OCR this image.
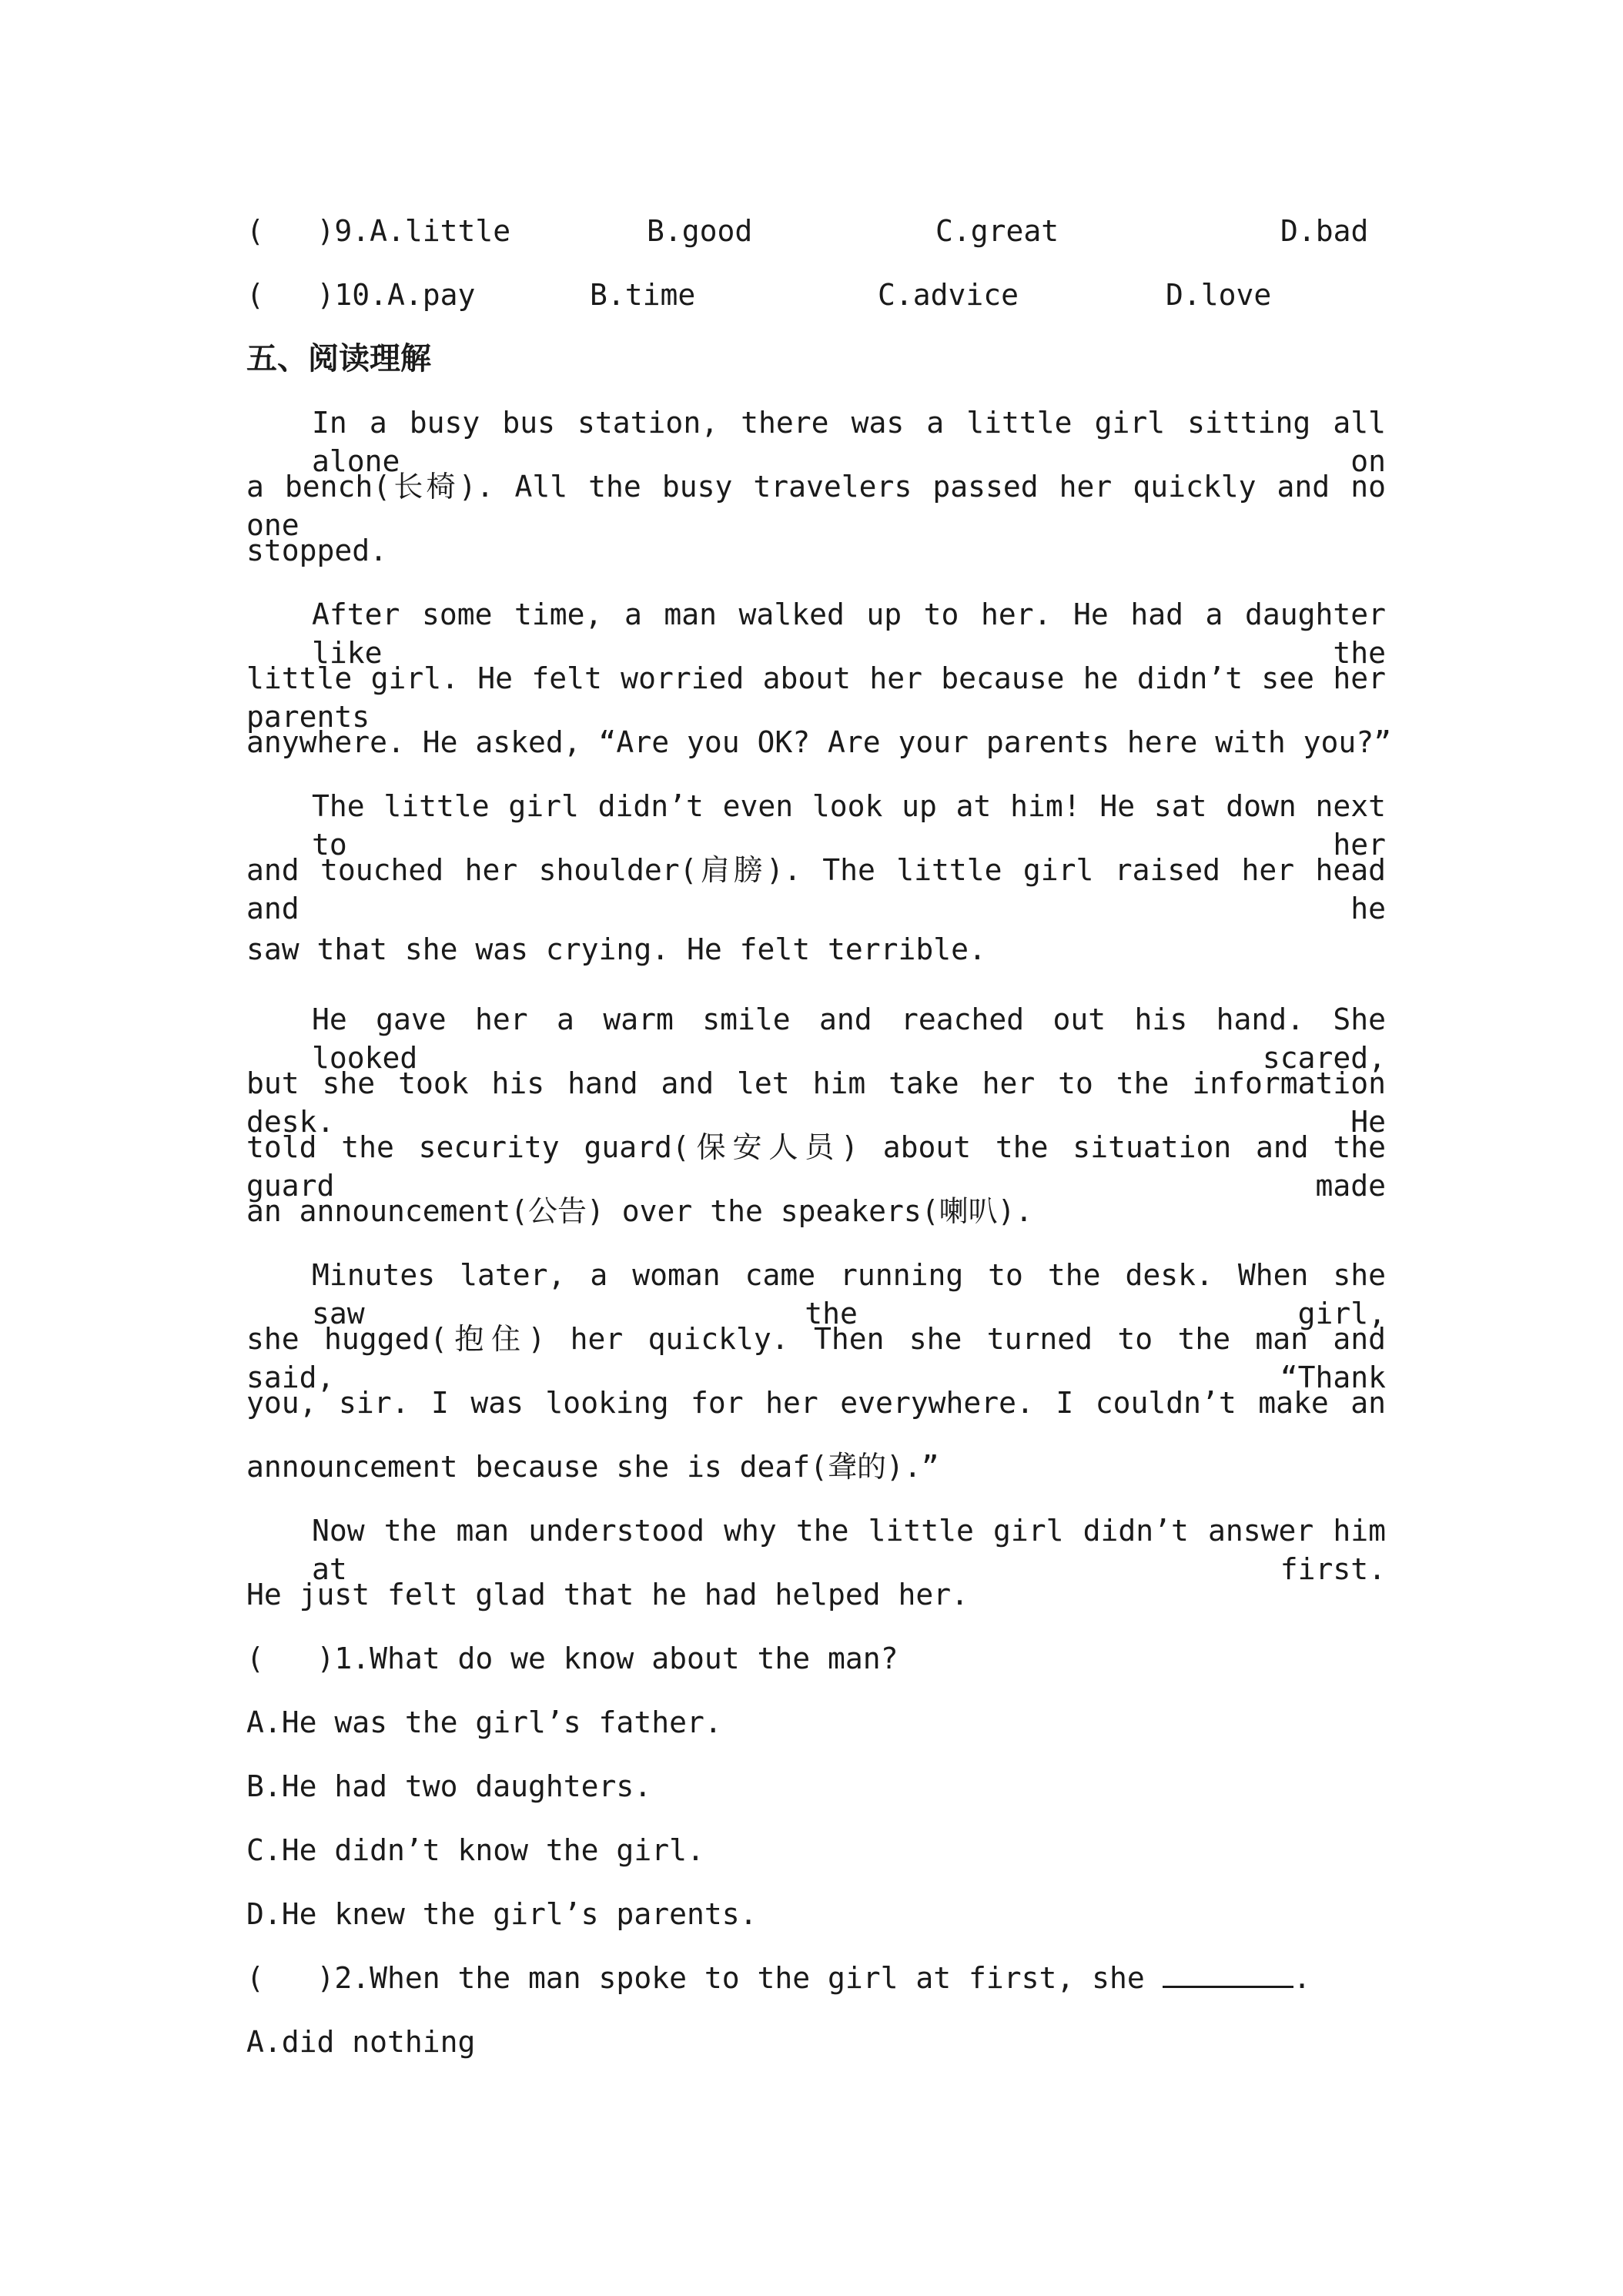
(   )9.A.little	B.good	C.great	D.bad
(   )10.A.pay	B.time	C.advice	D.love
五、阅读理解
In a busy bus station, there was a little girl sitting all alone on
a bench(长椅). All the busy travelers passed her quickly and no one
stopped.
After some time, a man walked up to her. He had a daughter like the
little girl. He felt worried about her because he didn’t see her parents
anywhere. He asked, “Are you OK? Are your parents here with you?”
The little girl didn’t even look up at him! He sat down next to her
and touched her shoulder(肩膀). The little girl raised her head and he
saw that she was crying. He felt terrible.
He gave her a warm smile and reached out his hand. She looked scared,
but she took his hand and let him take her to the information desk. He
told the security guard(保安人员) about the situation and the guard made
an announcement(公告) over the speakers(喇叭).
Minutes later, a woman came running to the desk. When she saw the girl,
she hugged(抱住) her quickly. Then she turned to the man and said, “Thank
you, sir. I was looking for her everywhere. I couldn’t make an
announcement because she is deaf(聋的).”
Now the man understood why the little girl didn’t answer him at first.
He just felt glad that he had helped her.
(   )1.What do we know about the man?
A.He was the girl’s father.
B.He had two daughters.
C.He didn’t know the girl.
D.He knew the girl’s parents.
(   )2.When the man spoke to the girl at first, she	.
A.did nothing
